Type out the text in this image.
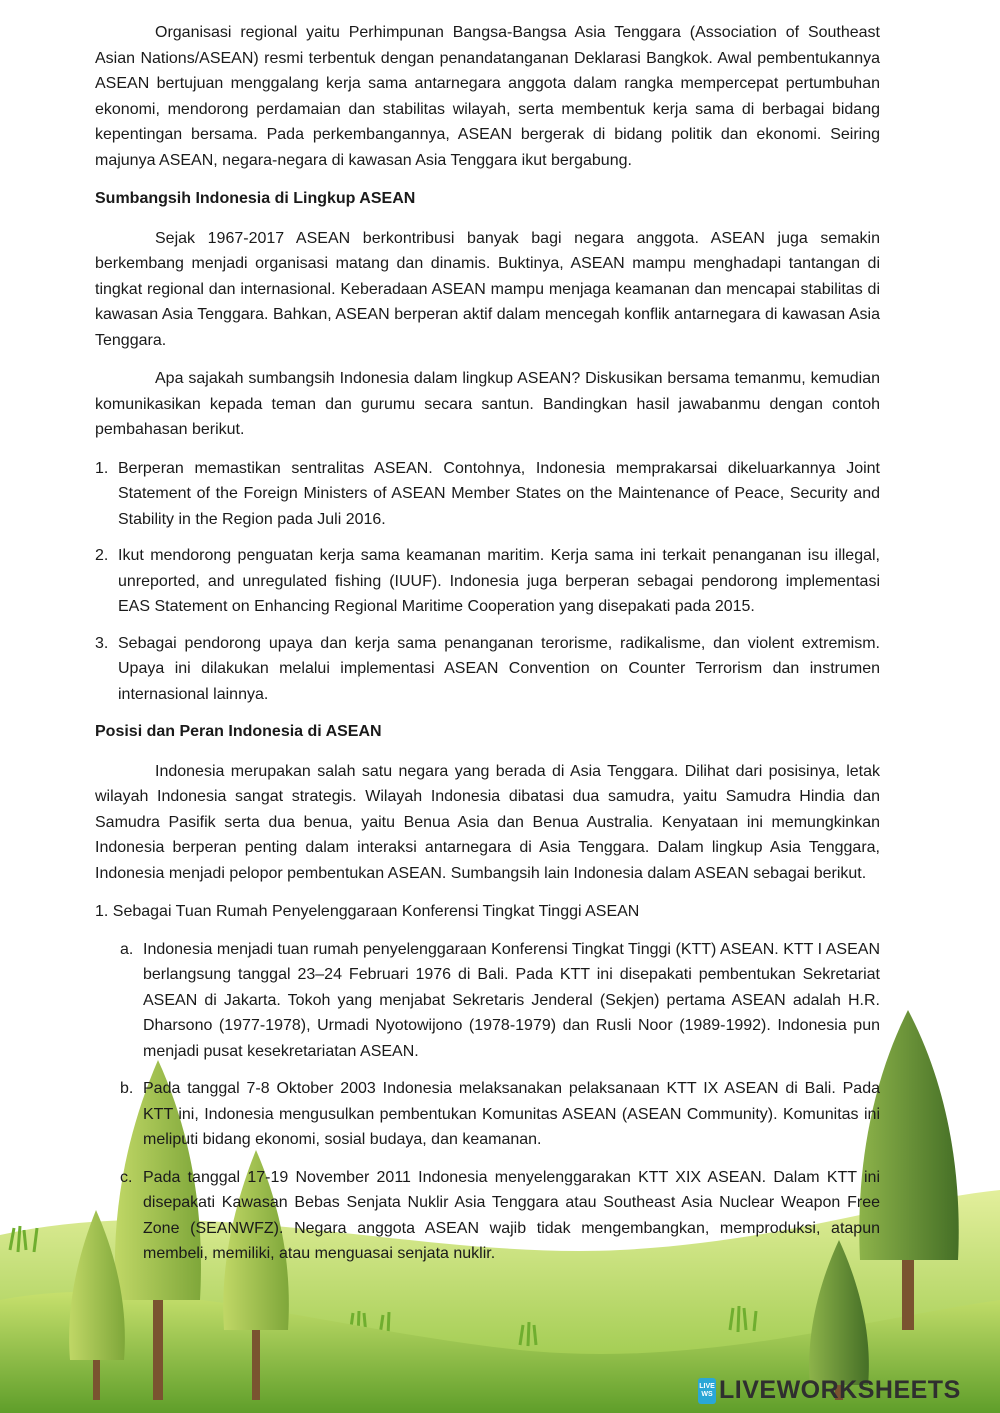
Organisasi regional yaitu Perhimpunan Bangsa-Bangsa Asia Tenggara (Association of Southeast Asian Nations/ASEAN) resmi terbentuk dengan penandatanganan Deklarasi Bangkok. Awal pembentukannya ASEAN bertujuan menggalang kerja sama antarnegara anggota dalam rangka mempercepat pertumbuhan ekonomi, mendorong perdamaian dan stabilitas wilayah, serta membentuk kerja sama di berbagai bidang kepentingan bersama. Pada perkembangannya, ASEAN bergerak di bidang politik dan ekonomi. Seiring majunya ASEAN, negara-negara di kawasan Asia Tenggara ikut bergabung.

Sumbangsih Indonesia di Lingkup ASEAN

Sejak 1967-2017 ASEAN berkontribusi banyak bagi negara anggota. ASEAN juga semakin berkembang menjadi organisasi matang dan dinamis. Buktinya, ASEAN mampu menghadapi tantangan di tingkat regional dan internasional. Keberadaan ASEAN mampu menjaga keamanan dan mencapai stabilitas di kawasan Asia Tenggara. Bahkan, ASEAN berperan aktif dalam mencegah konflik antarnegara di kawasan Asia Tenggara.

Apa sajakah sumbangsih Indonesia dalam lingkup ASEAN? Diskusikan bersama temanmu, kemudian komunikasikan kepada teman dan gurumu secara santun. Bandingkan hasil jawabanmu dengan contoh pembahasan berikut.

1. Berperan memastikan sentralitas ASEAN. Contohnya, Indonesia memprakarsai dikeluarkannya Joint Statement of the Foreign Ministers of ASEAN Member States on the Maintenance of Peace, Security and Stability in the Region pada Juli 2016.
2. Ikut mendorong penguatan kerja sama keamanan maritim. Kerja sama ini terkait penanganan isu illegal, unreported, and unregulated fishing (IUUF). Indonesia juga berperan sebagai pendorong implementasi EAS Statement on Enhancing Regional Maritime Cooperation yang disepakati pada 2015.
3. Sebagai pendorong upaya dan kerja sama penanganan terorisme, radikalisme, dan violent extremism. Upaya ini dilakukan melalui implementasi ASEAN Convention on Counter Terrorism dan instrumen internasional lainnya.
Posisi dan Peran Indonesia di ASEAN

Indonesia merupakan salah satu negara yang berada di Asia Tenggara. Dilihat dari posisinya, letak wilayah Indonesia sangat strategis. Wilayah Indonesia dibatasi dua samudra, yaitu Samudra Hindia dan Samudra Pasifik serta dua benua, yaitu Benua Asia dan Benua Australia. Kenyataan ini memungkinkan Indonesia berperan penting dalam interaksi antarnegara di Asia Tenggara. Dalam lingkup Asia Tenggara, Indonesia menjadi pelopor pembentukan ASEAN. Sumbangsih lain Indonesia dalam ASEAN sebagai berikut.

1. Sebagai Tuan Rumah Penyelenggaraan Konferensi Tingkat Tinggi ASEAN
a. Indonesia menjadi tuan rumah penyelenggaraan Konferensi Tingkat Tinggi (KTT) ASEAN. KTT I ASEAN berlangsung tanggal 23–24 Februari 1976 di Bali. Pada KTT ini disepakati pembentukan Sekretariat ASEAN di Jakarta. Tokoh yang menjabat Sekretaris Jenderal (Sekjen) pertama ASEAN adalah H.R. Dharsono (1977-1978), Urmadi Nyotowijono (1978-1979) dan Rusli Noor (1989-1992). Indonesia pun menjadi pusat kesekretariatan ASEAN.
b. Pada tanggal 7-8 Oktober 2003 Indonesia melaksanakan pelaksanaan KTT IX ASEAN di Bali. Pada KTT ini, Indonesia mengusulkan pembentukan Komunitas ASEAN (ASEAN Community). Komunitas ini meliputi bidang ekonomi, sosial budaya, dan keamanan.
c. Pada tanggal 17-19 November 2011 Indonesia menyelenggarakan KTT XIX ASEAN. Dalam KTT ini disepakati Kawasan Bebas Senjata Nuklir Asia Tenggara atau Southeast Asia Nuclear Weapon Free Zone (SEANWFZ). Negara anggota ASEAN wajib tidak mengembangkan, memproduksi, atapun membeli, memiliki, atau menguasai senjata nuklir.
LIVE
WS LIVEWORKSHEETS
